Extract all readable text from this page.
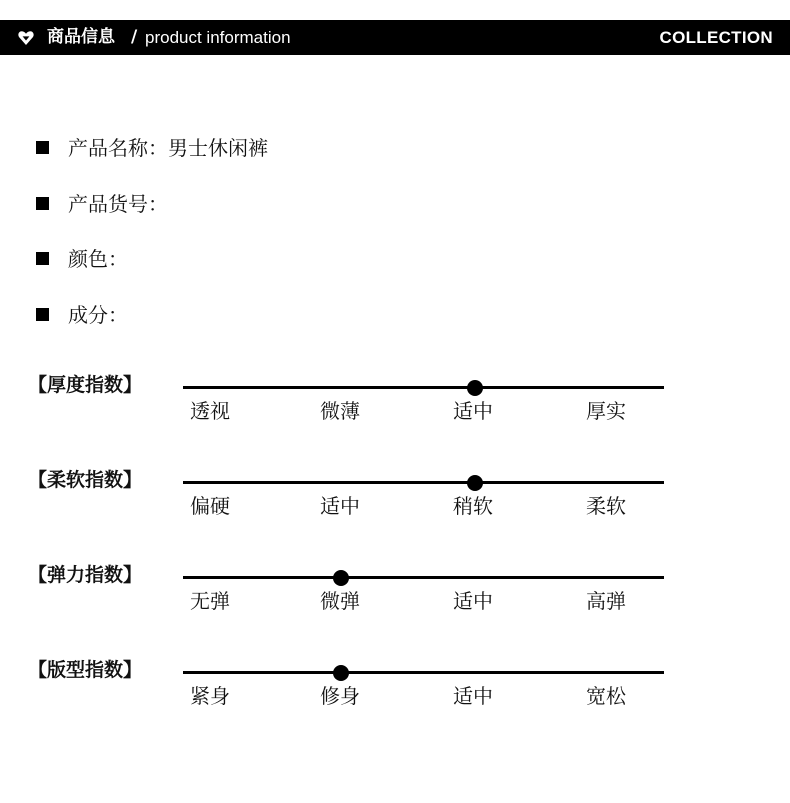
商品信息 / product information	COLLECTION
产品名称：男士休闲裤
产品货号：
颜色：
成分：
【厚度指数】
透视	微薄	适中	厚实
【柔软指数】
偏硬	适中	稍软	柔软
【弹力指数】
无弹	微弹	适中	高弹
【版型指数】
紧身	修身	适中	宽松
